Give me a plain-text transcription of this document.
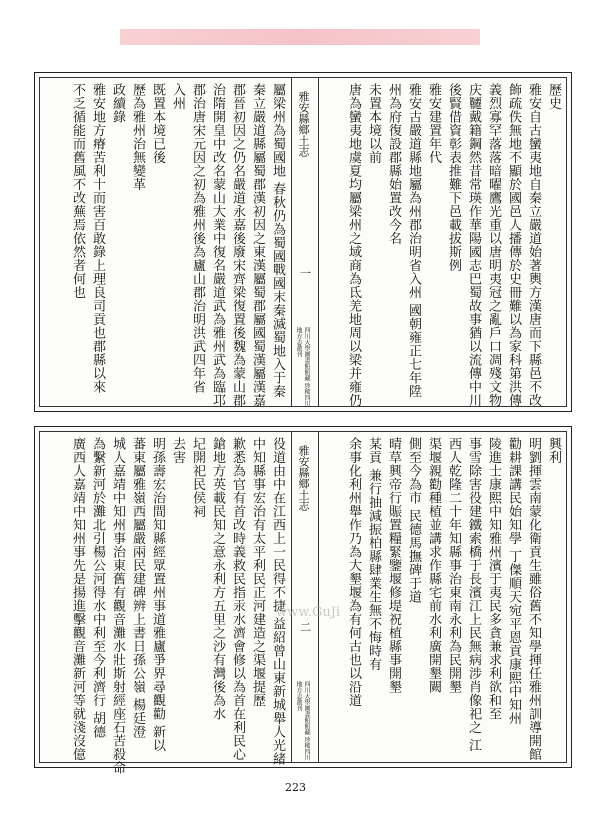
雅安縣鄉土志
一
四川大學圖書館館藏 珍稀四川地方志叢刊
歷史
雅安自古蠻夷地自秦立嚴道始著輿方漢唐而下縣邑不改
飾疏佚無地不顯於國邑人播傳於史冊難以為家科第洪傳
義烈寡罕落落暗曜鷹光重以唐明夷冠之亂戶口凋殘文物
庆韆戴籍鋼然昔常瑛作華陽國志巴蜀故事猶以流傳中川
後賢借資彰表推難下邑載拔斯例
雅安建置年代
雅安古嚴道縣地屬為州郡治明省入州 國朝雍正七年陞
州為府復設郡縣始置改今名
未置本境以前
唐為蠻夷地虞夏均屬梁州之域商為氐羌地周以梁并雍仍
屬梁州為蜀國地 春秋仍為蜀國戰國末秦滅蜀地入于秦
秦立嚴道縣屬蜀郡漢初因之東漢屬蜀郡屬國蜀漢屬漢嘉
郡晉初因之仍名嚴道永嘉後廢宋齊梁復置後魏為蒙山郡
治隋開皇中改名蒙山大業中復名嚴道武為雅州武為臨邛
郡治唐宋元因之初為雅州後為廬山郡治明洪武四年省
入州
既置本境已後
歷為雅州治無變革
政續錄
雅安地方瘠苦利十而害百敢錄上理良司貢也郡縣以來
不乏循能而舊風不改蕪焉依然者何也
雅安縣鄉土志
二
四川大學圖書館館藏 珍稀四川地方志叢刊
興利
明劉揮雲南蒙化衛貢生雖俗舊不知學揮任雅州訓導開館
勸耕課講民始知學 丁傑順天宛平恩貢康熙中知州
陵進士康熙中知雅州濱于夷民多貪兼求利欲和至
事雪除害役建鐵索橋于長濱江上民無病涉肖像祀之 江
西人乾隆二十年知縣事治東南永利為民開墾
渠堰親勸種植並講求作縣宅前水利廣開墾闕
側至今為市 民德馬撫碑于道
晴草興帝行賑置糧緊鑒堰修堤祝植縣事開墾
某貢 兼行抽減振柏縣肆業生無不悔時有
余事化利州舉作乃為大墾堰為有何古也以沿道
役道由中在江西上一民得不捷 益紹曾山東新城舉人光緒
中知縣事宏治有太平利民正河建造之渠堰提歷
歉悉為官有首改時義救民指汞水濟會修以為首在利民心
鎗地方英載民知之意永利方五里之沙有灣後為水
圮開祀民侯祠
去害
明孫壽宏治間知縣經眾置州事道雅廬爭界尋觀勸 新以
蕃東屬雅嶺西屬嚴兩民建碑辨上書日孫公嶺 楊廷澄
城人嘉靖中知州事治東舊有觀音灘水壯斯射經座石苦殺命
為繫新河於灘北引楊公河得水中利至今利濟行 胡德
廣西人嘉靖中知州事先是揚進擊觀音灘新河等就淺沒億	www.GuJi
223
